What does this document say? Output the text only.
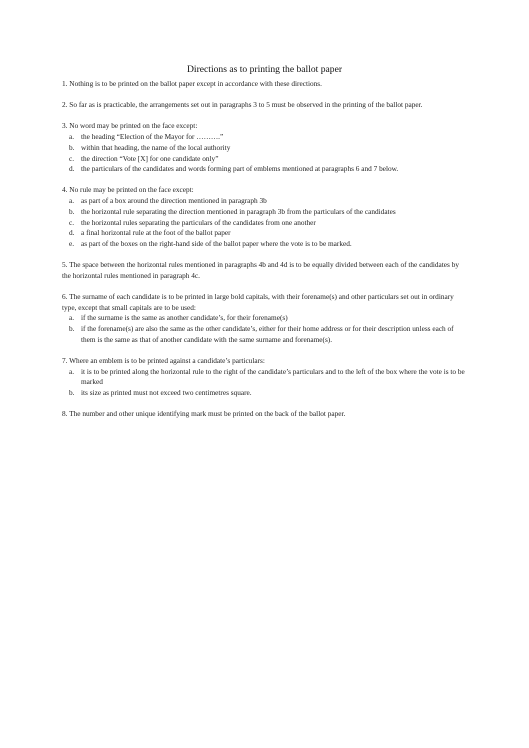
Directions as to printing the ballot paper
1. Nothing is to be printed on the ballot paper except in accordance with these directions.
2. So far as is practicable, the arrangements set out in paragraphs 3 to 5 must be observed in the printing of the ballot paper.
3. No word may be printed on the face except:
a. the heading “Election of the Mayor for ……….”
b. within that heading, the name of the local authority
c. the direction “Vote [X] for one candidate only”
d. the particulars of the candidates and words forming part of emblems mentioned at paragraphs 6 and 7 below.
4. No rule may be printed on the face except:
a. as part of a box around the direction mentioned in paragraph 3b
b. the horizontal rule separating the direction mentioned in paragraph 3b from the particulars of the candidates
c. the horizontal rules separating the particulars of the candidates from one another
d. a final horizontal rule at the foot of the ballot paper
e. as part of the boxes on the right-hand side of the ballot paper where the vote is to be marked.
5. The space between the horizontal rules mentioned in paragraphs 4b and 4d is to be equally divided between each of the candidates by the horizontal rules mentioned in paragraph 4c.
6. The surname of each candidate is to be printed in large bold capitals, with their forename(s) and other particulars set out in ordinary type, except that small capitals are to be used:
a. if the surname is the same as another candidate’s, for their forename(s)
b. if the forename(s) are also the same as the other candidate’s, either for their home address or for their description unless each of them is the same as that of another candidate with the same surname and forename(s).
7. Where an emblem is to be printed against a candidate’s particulars:
a. it is to be printed along the horizontal rule to the right of the candidate’s particulars and to the left of the box where the vote is to be marked
b. its size as printed must not exceed two centimetres square.
8. The number and other unique identifying mark must be printed on the back of the ballot paper.
